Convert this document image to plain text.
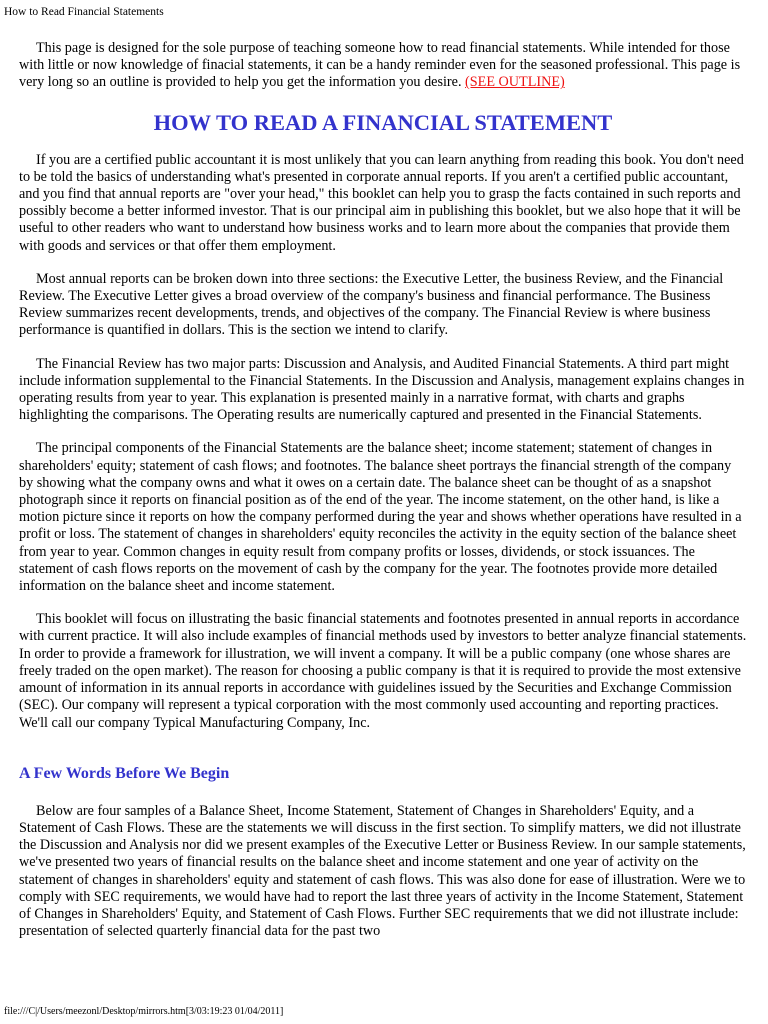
How to Read Financial Statements

This page is designed for the sole purpose of teaching someone how to read financial statements. While intended for those with little or now knowledge of finacial statements, it can be a handy reminder even for the seasoned professional. This page is very long so an outline is provided to help you get the information you desire. (SEE OUTLINE)

HOW TO READ A FINANCIAL STATEMENT

If you are a certified public accountant it is most unlikely that you can learn anything from reading this book. You don't need to be told the basics of understanding what's presented in corporate annual reports. If you aren't a certified public accountant, and you find that annual reports are "over your head," this booklet can help you to grasp the facts contained in such reports and possibly become a better informed investor. That is our principal aim in publishing this booklet, but we also hope that it will be useful to other readers who want to understand how business works and to learn more about the companies that provide them with goods and services or that offer them employment.

Most annual reports can be broken down into three sections: the Executive Letter, the business Review, and the Financial Review. The Executive Letter gives a broad overview of the company's business and financial performance. The Business Review summarizes recent developments, trends, and objectives of the company. The Financial Review is where business performance is quantified in dollars. This is the section we intend to clarify.

The Financial Review has two major parts: Discussion and Analysis, and Audited Financial Statements. A third part might include information supplemental to the Financial Statements. In the Discussion and Analysis, management explains changes in operating results from year to year. This explanation is presented mainly in a narrative format, with charts and graphs highlighting the comparisons. The Operating results are numerically captured and presented in the Financial Statements.

The principal components of the Financial Statements are the balance sheet; income statement; statement of changes in shareholders' equity; statement of cash flows; and footnotes. The balance sheet portrays the financial strength of the company by showing what the company owns and what it owes on a certain date. The balance sheet can be thought of as a snapshot photograph since it reports on financial position as of the end of the year. The income statement, on the other hand, is like a motion picture since it reports on how the company performed during the year and shows whether operations have resulted in a profit or loss. The statement of changes in shareholders' equity reconciles the activity in the equity section of the balance sheet from year to year. Common changes in equity result from company profits or losses, dividends, or stock issuances. The statement of cash flows reports on the movement of cash by the company for the year. The footnotes provide more detailed information on the balance sheet and income statement.

This booklet will focus on illustrating the basic financial statements and footnotes presented in annual reports in accordance with current practice. It will also include examples of financial methods used by investors to better analyze financial statements. In order to provide a framework for illustration, we will invent a company. It will be a public company (one whose shares are freely traded on the open market). The reason for choosing a public company is that it is required to provide the most extensive amount of information in its annual reports in accordance with guidelines issued by the Securities and Exchange Commission (SEC). Our company will represent a typical corporation with the most commonly used accounting and reporting practices. We'll call our company Typical Manufacturing Company, Inc.

A Few Words Before We Begin

Below are four samples of a Balance Sheet, Income Statement, Statement of Changes in Shareholders' Equity, and a Statement of Cash Flows. These are the statements we will discuss in the first section. To simplify matters, we did not illustrate the Discussion and Analysis nor did we present examples of the Executive Letter or Business Review. In our sample statements, we've presented two years of financial results on the balance sheet and income statement and one year of activity on the statement of changes in shareholders' equity and statement of cash flows. This was also done for ease of illustration. Were we to comply with SEC requirements, we would have had to report the last three years of activity in the Income Statement, Statement of Changes in Shareholders' Equity, and Statement of Cash Flows. Further SEC requirements that we did not illustrate include: presentation of selected quarterly financial data for the past two

file:///C|/Users/meezonl/Desktop/mirrors.htm[3/03:19:23 01/04/2011]
